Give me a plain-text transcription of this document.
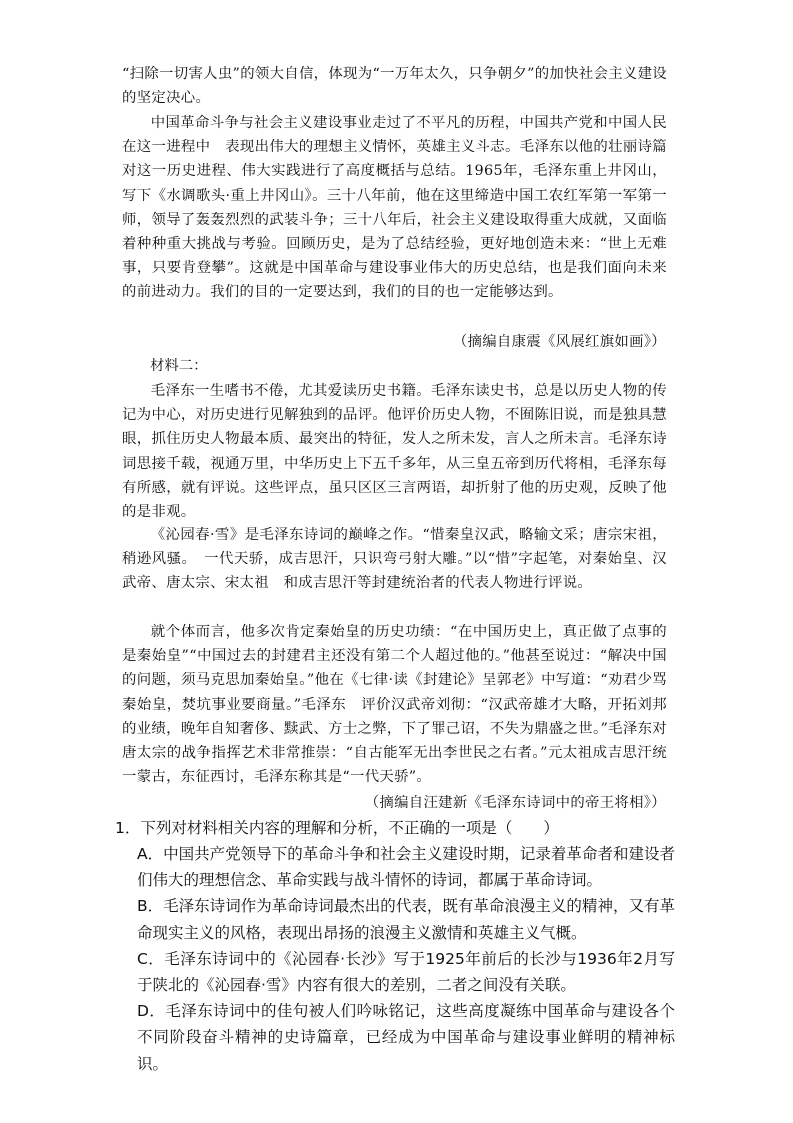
“扫除一切害人虫”的领大自信，体现为“一万年太久，只争朝夕”的加快社会主义建设的坚定决心。

中国革命斗争与社会主义建设事业走过了不平凡的历程，中国共产党和中国人民在这一进程中　表现出伟大的理想主义情怀，英雄主义斗志。毛泽东以他的壮丽诗篇对这一历史进程、伟大实践进行了高度概括与总结。1965年，毛泽东重上井冈山，写下《水调歌头·重上井冈山》。三十八年前，他在这里缔造中国工农红军第一军第一师，领导了轰轰烈烈的武装斗争；三十八年后，社会主义建设取得重大成就，又面临着种种重大挑战与考验。回顾历史，是为了总结经验，更好地创造未来：“世上无难事，只要肯登攀”。这就是中国革命与建设事业伟大的历史总结，也是我们面向未来的前进动力。我们的目的一定要达到，我们的目的也一定能够达到。

（摘编自康震《风展红旗如画》）
材料二：

毛泽东一生嗜书不倦，尤其爱读历史书籍。毛泽东读史书，总是以历史人物的传记为中心，对历史进行见解独到的品评。他评价历史人物，不囿陈旧说，而是独具慧眼，抓住历史人物最本质、最突出的特征，发人之所未发，言人之所未言。毛泽东诗词思接千载，视通万里，中华历史上下五千多年，从三皇五帝到历代将相，毛泽东每有所感，就有评说。这些评点，虽只区区三言两语，却折射了他的历史观，反映了他的是非观。

《沁园春·雪》是毛泽东诗词的巅峰之作。“惜秦皇汉武，略输文采；唐宗宋祖，稍逊风骚。　一代天骄，成吉思汗，只识弯弓射大雕。”以“惜”字起笔，对秦始皇、汉武帝、唐太宗、宋太祖　和成吉思汗等封建统治者的代表人物进行评说。

就个体而言，他多次肯定秦始皇的历史功绩：“在中国历史上，真正做了点事的是秦始皇”“中国过去的封建君主还没有第二个人超过他的。”他甚至说过：“解决中国的问题，须马克思加秦始皇。”他在《七律·读《封建论》呈郭老》中写道：“劝君少骂秦始皇，焚坑事业要商量。”毛泽东　评价汉武帝刘彻：“汉武帝雄才大略，开拓刘邦的业绩，晚年自知奢侈、黩武、方士之弊，下了罪己诏，不失为鼎盛之世。”毛泽东对唐太宗的战争指挥艺术非常推崇：“自古能军无出李世民之右者。”元太祖成吉思汗统一蒙古，东征西讨，毛泽东称其是“一代天骄”。

（摘编自汪建新《毛泽东诗词中的帝王将相》）

1．下列对材料相关内容的理解和分析，不正确的一项是（　　）

A．中国共产党领导下的革命斗争和社会主义建设时期，记录着革命者和建设者们伟大的理想信念、革命实践与战斗情怀的诗词，都属于革命诗词。

B．毛泽东诗词作为革命诗词最杰出的代表，既有革命浪漫主义的精神，又有革命现实主义的风格，表现出昂扬的浪漫主义激情和英雄主义气概。

C．毛泽东诗词中的《沁园春·长沙》写于1925年前后的长沙与1936年2月写于陕北的《沁园春·雪》内容有很大的差别，二者之间没有关联。

D．毛泽东诗词中的佳句被人们吟咏铭记，这些高度凝练中国革命与建设各个不同阶段奋斗精神的史诗篇章，已经成为中国革命与建设事业鲜明的精神标识。
